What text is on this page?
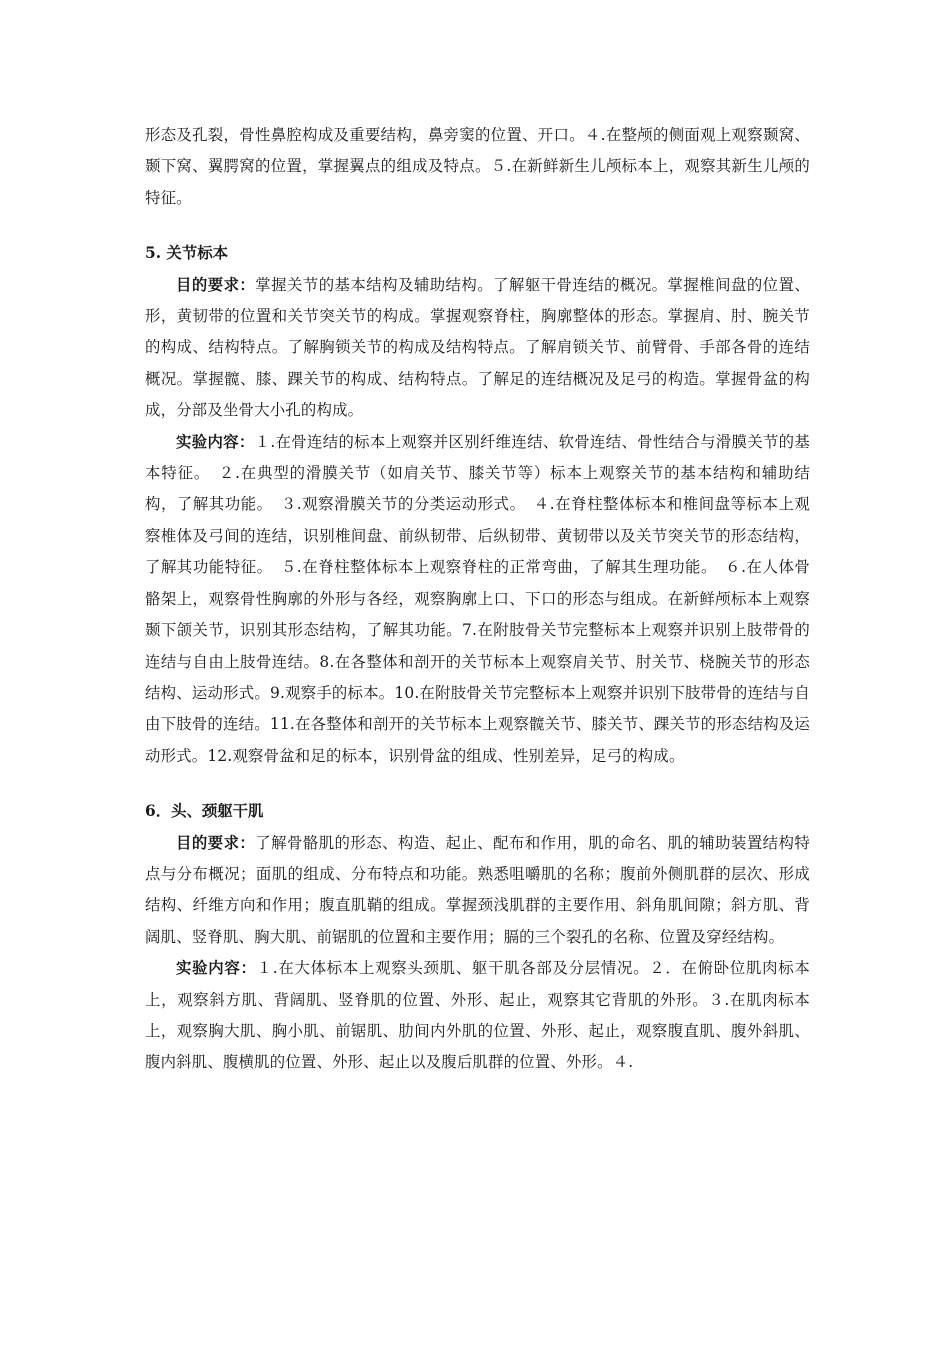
形态及孔裂，骨性鼻腔构成及重要结构，鼻旁窦的位置、开口。４.在整颅的侧面观上观察颞窝、颞下窝、翼腭窝的位置，掌握翼点的组成及特点。５.在新鲜新生儿颅标本上，观察其新生儿颅的特征。

5. 关节标本

目的要求：掌握关节的基本结构及辅助结构。了解躯干骨连结的概况。掌握椎间盘的位置、形，黄韧带的位置和关节突关节的构成。掌握观察脊柱，胸廓整体的形态。掌握肩、肘、腕关节的构成、结构特点。了解胸锁关节的构成及结构特点。了解肩锁关节、前臂骨、手部各骨的连结概况。掌握髋、膝、踝关节的构成、结构特点。了解足的连结概况及足弓的构造。掌握骨盆的构成，分部及坐骨大小孔的构成。

实验内容：１.在骨连结的标本上观察并区别纤维连结、软骨连结、骨性结合与滑膜关节的基本特征。　２.在典型的滑膜关节（如肩关节、膝关节等）标本上观察关节的基本结构和辅助结构，了解其功能。　３.观察滑膜关节的分类运动形式。　４.在脊柱整体标本和椎间盘等标本上观察椎体及弓间的连结，识别椎间盘、前纵韧带、后纵韧带、黄韧带以及关节突关节的形态结构，了解其功能特征。　５.在脊柱整体标本上观察脊柱的正常弯曲，了解其生理功能。　６.在人体骨骼架上，观察骨性胸廓的外形与各经，观察胸廓上口、下口的形态与组成。在新鲜颅标本上观察颞下颌关节，识别其形态结构，了解其功能。7.在附肢骨关节完整标本上观察并识别上肢带骨的连结与自由上肢骨连结。8.在各整体和剖开的关节标本上观察肩关节、肘关节、桡腕关节的形态结构、运动形式。9.观察手的标本。10.在附肢骨关节完整标本上观察并识别下肢带骨的连结与自由下肢骨的连结。11.在各整体和剖开的关节标本上观察髋关节、膝关节、踝关节的形态结构及运动形式。12.观察骨盆和足的标本，识别骨盆的组成、性别差异，足弓的构成。

6．头、颈躯干肌

目的要求：了解骨骼肌的形态、构造、起止、配布和作用，肌的命名、肌的辅助装置结构特点与分布概况；面肌的组成、分布特点和功能。熟悉咀嚼肌的名称；腹前外侧肌群的层次、形成结构、纤维方向和作用；腹直肌鞘的组成。掌握颈浅肌群的主要作用、斜角肌间隙；斜方肌、背阔肌、竖脊肌、胸大肌、前锯肌的位置和主要作用；膈的三个裂孔的名称、位置及穿经结构。

实验内容：１.在大体标本上观察头颈肌、躯干肌各部及分层情况。２．在俯卧位肌肉标本上，观察斜方肌、背阔肌、竖脊肌的位置、外形、起止，观察其它背肌的外形。３.在肌肉标本上，观察胸大肌、胸小肌、前锯肌、肋间内外肌的位置、外形、起止，观察腹直肌、腹外斜肌、腹内斜肌、腹横肌的位置、外形、起止以及腹后肌群的位置、外形。４.
